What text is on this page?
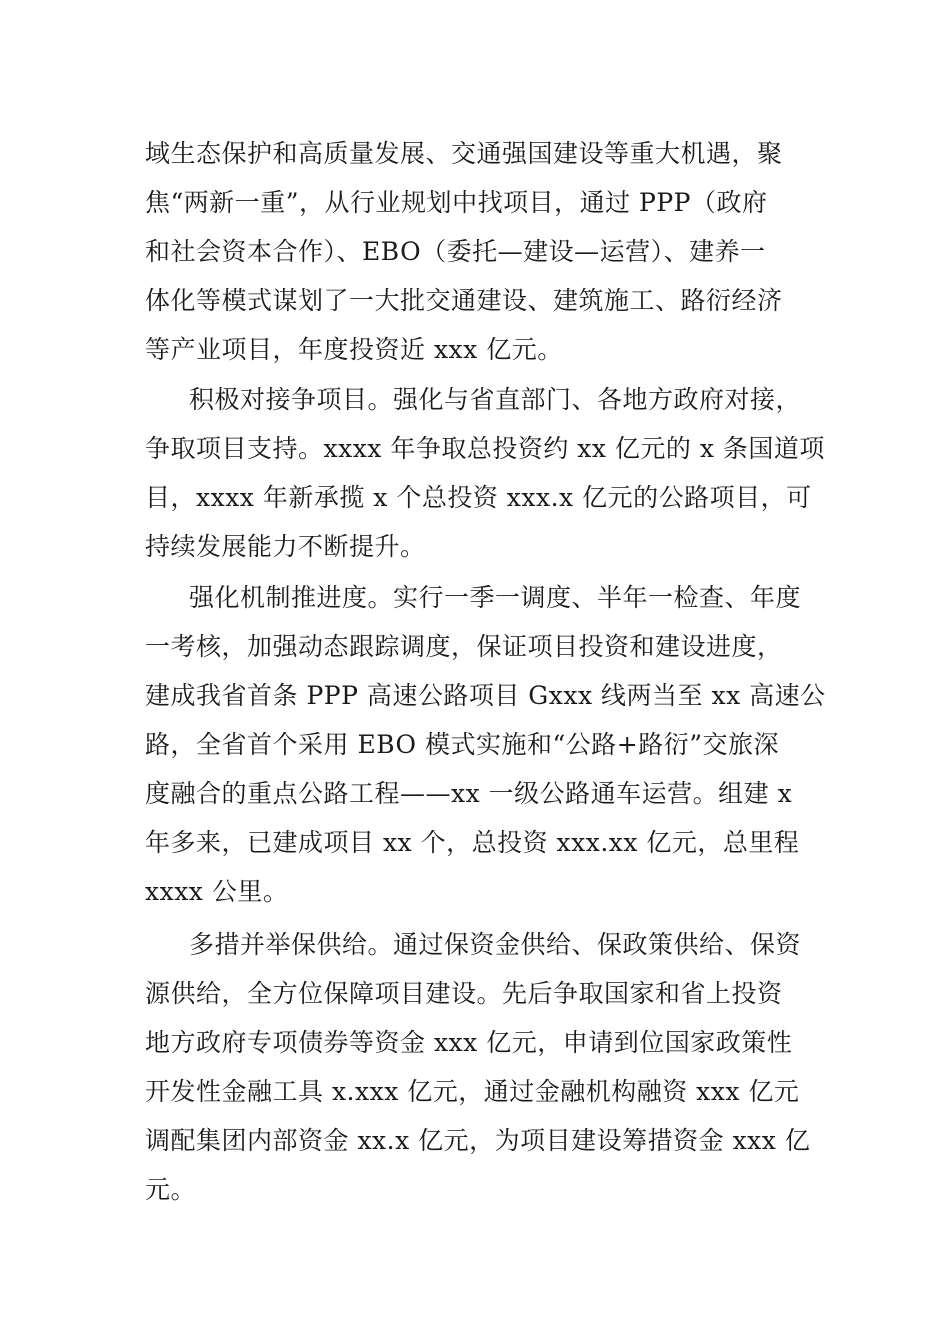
域生态保护和高质量发展、交通强国建设等重大机遇，聚
焦“两新一重”，从行业规划中找项目，通过 PPP（政府
和社会资本合作）、EBO（委托—建设—运营）、建养一
体化等模式谋划了一大批交通建设、建筑施工、路衍经济
等产业项目，年度投资近 xxx 亿元。
积极对接争项目。强化与省直部门、各地方政府对接，
争取项目支持。xxxx 年争取总投资约 xx 亿元的 x 条国道项
目，xxxx 年新承揽 x 个总投资 xxx.x 亿元的公路项目，可
持续发展能力不断提升。
强化机制推进度。实行一季一调度、半年一检查、年度
一考核，加强动态跟踪调度，保证项目投资和建设进度，
建成我省首条 PPP 高速公路项目 Gxxx 线两当至 xx 高速公
路，全省首个采用 EBO 模式实施和“公路+路衍”交旅深
度融合的重点公路工程——xx 一级公路通车运营。组建 x
年多来，已建成项目 xx 个，总投资 xxx.xx 亿元，总里程
xxxx 公里。
多措并举保供给。通过保资金供给、保政策供给、保资
源供给，全方位保障项目建设。先后争取国家和省上投资
地方政府专项债券等资金 xxx 亿元，申请到位国家政策性
开发性金融工具 x.xxx 亿元，通过金融机构融资 xxx 亿元
调配集团内部资金 xx.x 亿元，为项目建设筹措资金 xxx 亿
元。
